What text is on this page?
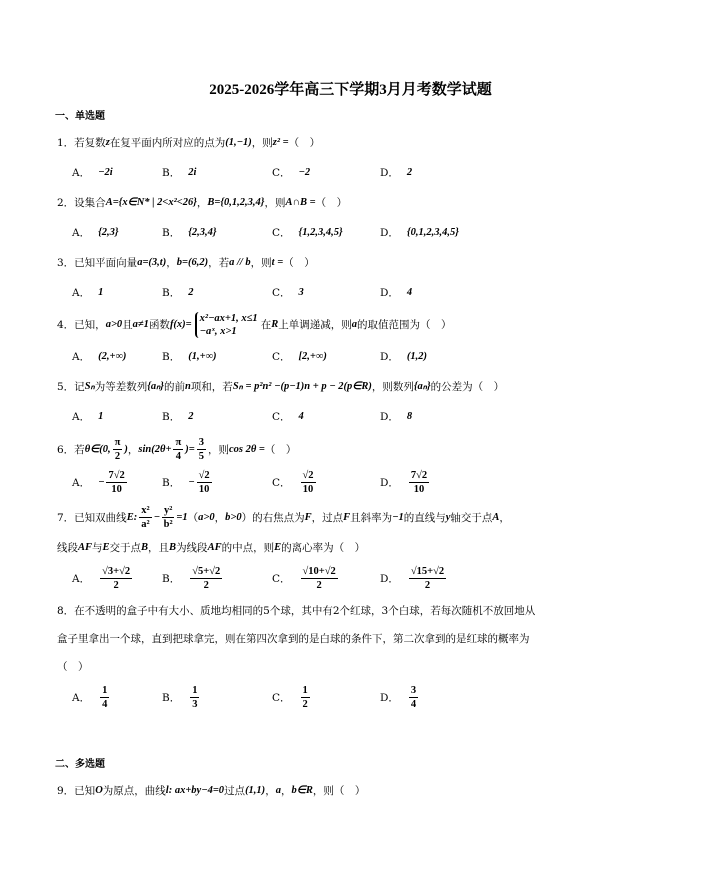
2025-2026学年高三下学期3月月考数学试题
一、单选题
1．若复数 z 在复平面内所对应的点为 (1,−1) ，则 z² = （　）
A． −2i	B． 2i	C． −2	D． 2
2．设集合 A={x∈N* | 2<x²<26} ， B={0,1,2,3,4} ，则 A∩B = （　）
A． {2,3}	B． {2,3,4}	C． {1,2,3,4,5}	D． {0,1,2,3,4,5}
3．已知平面向量 a=(3,t) ， b=(6,2) ，若 a // b ，则 t = （　）
A． 1	B． 2	C． 3	D． 4
4．已知， a>0 且 a≠1 函数 f(x)=
x²−ax+1, x≤1
−aˣ, x>1
在 R 上单调递减，则 a 的取值范围为（　）
A． (2,+∞)	B． (1,+∞)	C． [2,+∞)	D． (1,2)
5．记 Sₙ 为等差数列 {aₙ} 的前 n 项和，若 Sₙ = p²n² −(p−1)n + p − 2(p∈R) ，则数列 {aₙ} 的公差为（　）
A． 1	B． 2	C． 4	D． 8
6．若 θ∈(0, $\frac{\pi}{2}$ ) ， $\sin(2\theta+ \frac{\pi}{4}$ )= $\frac{3}{5}$ ，则 cos 2θ = （　）
A． − $\frac{7√2}{10}$	B． − $\frac{√2}{10}$	C． $\frac{√2}{10}$	D． $\frac{7√2}{10}$
7．已知双曲线 E: $\frac{\text{x²}}{\text{a²}} - \frac{\text{y²}}{\text{b²}} =1$ （ a>0 ， b>0 ）的右焦点为 F ，过点 F 且斜率为 −1 的直线与 y 轴交于点 A ，
线段 AF 与 E 交于点 B ，且 B 为线段 AF 的中点，则 E 的离心率为（　）
A． $\frac{√3+√2}{2}$	B． $\frac{√5+√2}{2}$	C． $\frac{√10+√2}{2}$	D． $\frac{√15+√2}{2}$
8．在不透明的盒子中有大小、质地均相同的5个球，其中有2个红球，3个白球，若每次随机不放回地从
盒子里拿出一个球，直到把球拿完，则在第四次拿到的是白球的条件下，第二次拿到的是红球的概率为
（　）
A． $\frac{1}{4}$	B． $\frac{1}{3}$	C． $\frac{1}{2}$	D． $\frac{3}{4}$
二、多选题
9．已知 O 为原点，曲线 l: ax+by−4=0 过点 (1,1) ， a ， b∈R ，则（　）
